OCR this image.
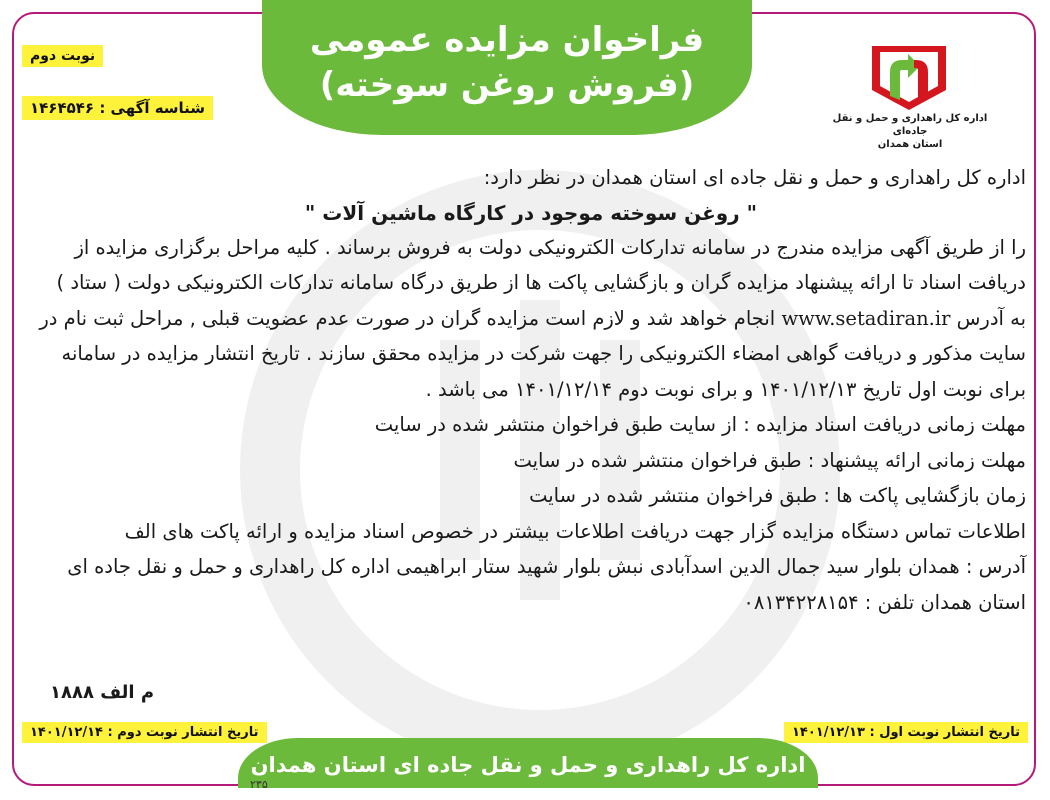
فراخوان مزایده عمومی
(فروش روغن سوخته)
نوبت دوم
شناسه آگهی : ۱۴۶۴۵۴۶
اداره کل راهداری و حمل و نقل جاده‌ای
استان همدان

اداره کل راهداری و حمل و نقل جاده ای استان همدان در نظر دارد:

" روغن سوخته موجود در کارگاه ماشین آلات "

را از طریق آگهی مزایده مندرج در سامانه تدارکات الکترونیکی دولت به فروش برساند . کلیه مراحل برگزاری مزایده از دریافت اسناد تا ارائه پیشنهاد مزایده گران و بازگشایی پاکت ها از طریق درگاه سامانه تدارکات الکترونیکی دولت ( ستاد ) به آدرس www.setadiran.ir انجام خواهد شد و لازم است مزایده گران در صورت عدم عضویت قبلی , مراحل ثبت نام در سایت مذکور و دریافت گواهی امضاء الکترونیکی را جهت شرکت در مزایده محقق سازند . تاریخ انتشار مزایده در سامانه برای نوبت اول تاریخ ۱۴۰۱/۱۲/۱۳ و برای نوبت دوم ۱۴۰۱/۱۲/۱۴ می باشد .

مهلت زمانی دریافت اسناد مزایده : از سایت طبق فراخوان منتشر شده در سایت

مهلت زمانی ارائه پیشنهاد : طبق فراخوان منتشر شده در سایت

زمان بازگشایی پاکت ها : طبق فراخوان منتشر شده در سایت

اطلاعات تماس دستگاه مزایده گزار جهت دریافت اطلاعات بیشتر در خصوص اسناد مزایده و ارائه پاکت های الف

آدرس : همدان بلوار سید جمال الدین اسدآبادی نبش بلوار شهید ستار ابراهیمی اداره کل راهداری و حمل و نقل جاده ای استان همدان تلفن : ۰۸۱۳۴۲۲۸۱۵۴

م الف ۱۸۸۸
تاریخ انتشار نوبت اول : ۱۴۰۱/۱۲/۱۳
تاریخ انتشار نوبت دوم : ۱۴۰۱/۱۲/۱۴
اداره کل راهداری و حمل و نقل جاده ای استان همدان
۲۳۵
